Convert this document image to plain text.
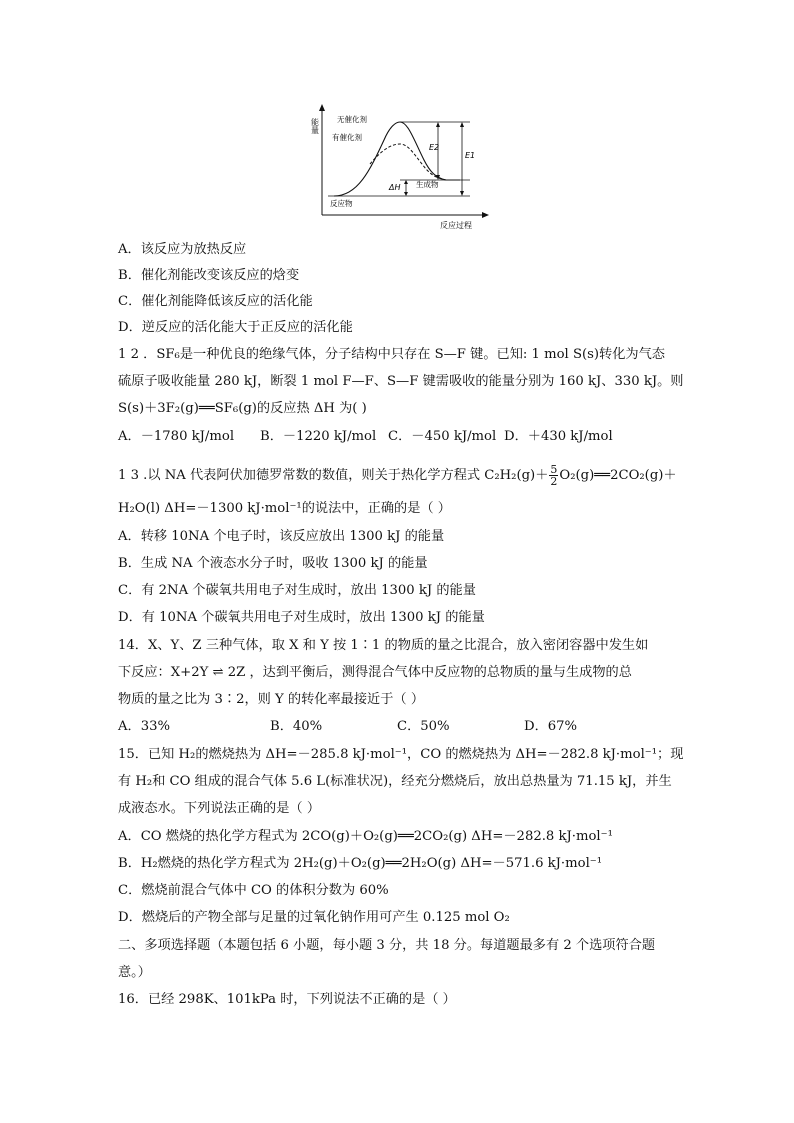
能量
反应过程
E2
E1
ΔH
无催化剂
有催化剂
生成物
反应物
A．该反应为放热反应
B．催化剂能改变该反应的焓变
C．催化剂能降低该反应的活化能
D．逆反应的活化能大于正反应的活化能
1 2 ．SF₆是一种优良的绝缘气体，分子结构中只存在 S—F 键。已知: 1 mol S(s)转化为气态
硫原子吸收能量 280 kJ，断裂 1 mol F—F、S—F 键需吸收的能量分别为 160 kJ、330 kJ。则
S(s)＋3F₂(g)══SF₆(g)的反应热 ΔH 为( )
A．－1780 kJ/mol B．－1220 kJ/mol C．－450 kJ/mol D．＋430 kJ/mol
1 3 .以 NA 代表阿伏加德罗常数的数值，则关于热化学方程式 $C_2H_2(g)+ \frac{5}{2}$ O₂(g)══2CO₂(g)＋
H₂O(l) ΔH=－1300 kJ·mol⁻¹的说法中，正确的是（ ）
A．转移 10NA 个电子时，该反应放出 1300 kJ 的能量
B．生成 NA 个液态水分子时，吸收 1300 kJ 的能量
C．有 2NA 个碳氧共用电子对生成时，放出 1300 kJ 的能量
D．有 10NA 个碳氧共用电子对生成时，放出 1300 kJ 的能量
14．X、Y、Z 三种气体，取 X 和 Y 按 1∶1 的物质的量之比混合，放入密闭容器中发生如
下反应：X+2Y ⇌ 2Z ，达到平衡后，测得混合气体中反应物的总物质的量与生成物的总
物质的量之比为 3∶2，则 Y 的转化率最接近于（ ）
A．33%	B．40%	C．50%	D．67%
15．已知 H₂的燃烧热为 ΔH=－285.8 kJ·mol⁻¹，CO 的燃烧热为 ΔH=－282.8 kJ·mol⁻¹；现
有 H₂和 CO 组成的混合气体 5.6 L(标准状况)，经充分燃烧后，放出总热量为 71.15 kJ，并生
成液态水。下列说法正确的是（ ）
A．CO 燃烧的热化学方程式为 2CO(g)＋O₂(g)══2CO₂(g) ΔH=－282.8 kJ·mol⁻¹
B．H₂燃烧的热化学方程式为 2H₂(g)＋O₂(g)══2H₂O(g) ΔH=－571.6 kJ·mol⁻¹
C．燃烧前混合气体中 CO 的体积分数为 60%
D．燃烧后的产物全部与足量的过氧化钠作用可产生 0.125 mol O₂
二、多项选择题（本题包括 6 小题，每小题 3 分，共 18 分。每道题最多有 2 个选项符合题
意。）
16．已经 298K、101kPa 时，下列说法不正确的是（ ）
